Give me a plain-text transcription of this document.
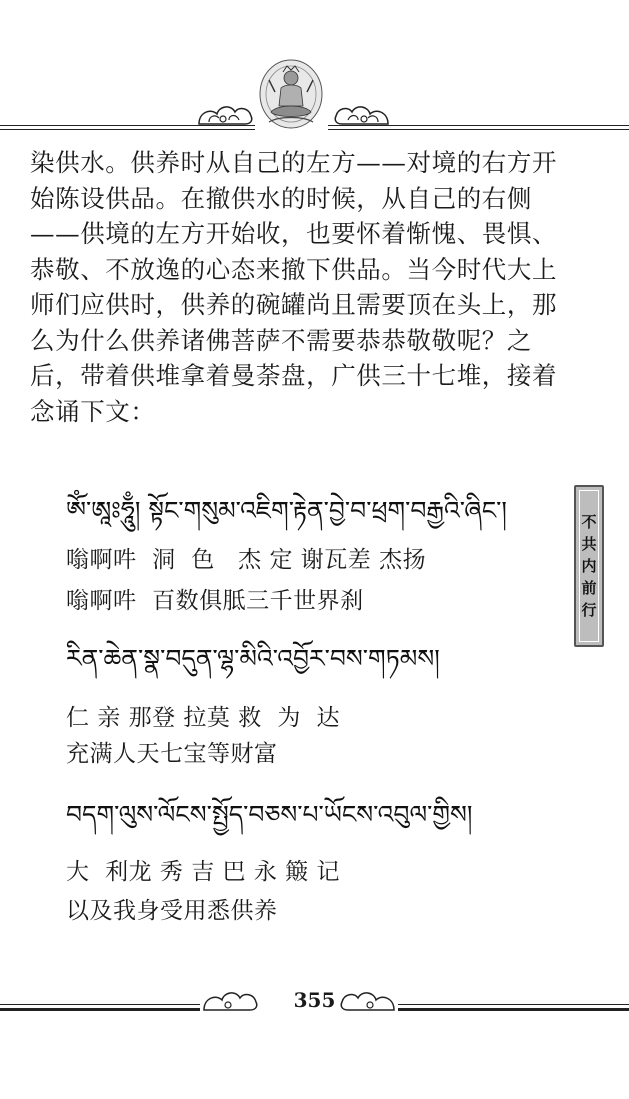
染供水。供养时从自己的左方——对境的右方开始陈设供品。在撤供水的时候，从自己的右侧——供境的左方开始收，也要怀着惭愧、畏惧、恭敬、不放逸的心态来撤下供品。当今时代大上师们应供时，供养的碗罐尚且需要顶在头上，那么为什么供养诸佛菩萨不需要恭恭敬敬呢？之后，带着供堆拿着曼荼盘，广供三十七堆，接着念诵下文：

ཨོཾ་ཨཱཿཧཱུྃ། སྟོང་གསུམ་འཇིག་རྟེན་བྱེ་བ་ཕྲག་བརྒྱའི་ཞིང༌།
嗡啊吽  洞  色   杰 定 谢瓦差 杰扬
嗡啊吽  百数俱胝三千世界刹
རིན་ཆེན་སྣ་བདུན་ལྷ་མིའི་འབྱོར་བས་གཏམས།
仁 亲 那登 拉莫 救  为  达
充满人天七宝等财富
བདག་ལུས་ལོངས་སྤྱོད་བཅས་པ་ཡོངས་འབུལ་གྱིས།
大  利龙 秀 吉 巴 永 簸 记
以及我身受用悉供养
不
共
内
前
行
355
